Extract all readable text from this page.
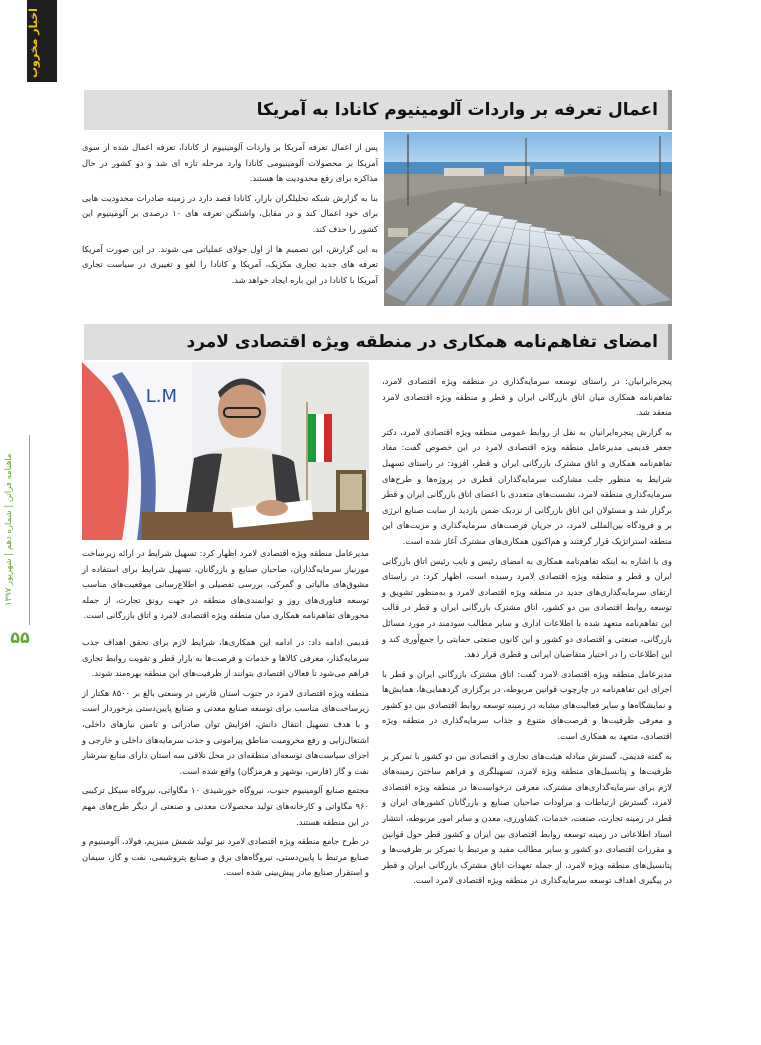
اخبار مخروب
ماهنامه فراتن | شماره دهم | شهریور ۱۳۹۷
۵۵
اعمال تعرفه بر واردات آلومینیوم کانادا به آمریکا

پس از اعمال تعرفه آمریکا بر واردات آلومینیوم از کانادا، تعرفه اعمال شده از سوی آمریکا بر محصولات آلومینیومی کانادا وارد مرحله تازه ای شد و دو کشور در حال مذاکره برای رفع محدودیت ها هستند.

بنا به گزارش شبکه تحلیلگران بازار، کانادا قصد دارد در زمینه صادرات محدودیت هایی برای خود اعمال کند و در مقابل، واشنگتن تعرفه های ۱۰ درصدی بر آلومینیوم این کشور را حذف کند.

به این گزارش، این تصمیم ها از اول جولای عملیاتی می شوند. در این صورت آمریکا تعرفه های جدید تجاری مکزیک، آمریکا و کانادا را لغو و تغییری در سیاست تجاری آمریکا با کانادا در این باره ایجاد خواهد شد.

امضای تفاهم‌نامه همکاری در منطقه ویژه اقتصادی لامرد
L.M

مدیرعامل منطقه ویژه اقتصادی لامرد اظهار کرد: تسهیل شرایط در ارائه زیرساخت مورنیاز سرمایه‌گذاران، صاحبان صنایع و بازرگانان، تسهیل شرایط برای استفاده از مشوق‌های مالیاتی و گمرکی، بررسی تفصیلی و اطلاع‌رسانی موقعیت‌های مناسب توسعه فناوری‌های روز و توانمندی‌های منطقه در جهت رونق تجارت، از جمله محورهای تفاهم‌نامه همکاری میان منطقه ویژه اقتصادی لامرد و اتاق بازرگانی است.

قدیمی ادامه داد: در ادامه این همکاری‌ها، شرایط لازم برای تحقق اهداف جذب سرمایه‌گذار، معرفی کالاها و خدمات و فرصت‌ها به بازار قطر و تقویت روابط تجاری فراهم می‌شود تا فعالان اقتصادی بتوانند از ظرفیت‌های این منطقه بهره‌مند شوند.

منطقه ویژه اقتصادی لامرد در جنوب استان فارس در وسعتی بالغ بر ۸۵۰۰ هکتار از زیرساخت‌های مناسب برای توسعه صنایع معدنی و صنایع پایین‌دستی برخوردار است و با هدف تسهیل انتقال دانش، افزایش توان صادراتی و تامین نیازهای داخلی، اشتغال‌زایی و رفع محرومیت مناطق پیرامونی و جذب سرمایه‌های داخلی و خارجی و اجرای سیاست‌های توسعه‌ای منطقه‌ای در محل تلاقی سه استان دارای منابع سرشار نفت و گاز (فارس، بوشهر و هرمزگان) واقع شده است.

مجتمع صنایع آلومینیوم جنوب، نیروگاه خورشیدی ۱۰ مگاواتی، نیروگاه سیکل ترکیبی ۹۶۰ مگاواتی و کارخانه‌های تولید محصولات معدنی و صنعتی از دیگر طرح‌های مهم در این منطقه هستند.

در طرح جامع منطقه ویژه اقتصادی لامرد نیز تولید شمش منیزیم، فولاد، آلومینیوم و صنایع مرتبط با پایین‌دستی، نیروگاه‌های برق و صنایع پتروشیمی، نفت و گاز، سیمان و استقرار صنایع مادر پیش‌بینی شده است.

پنجره‌ایرانیان: در راستای توسعه سرمایه‌گذاری در منطقه ویژه اقتصادی لامرد، تفاهم‌نامه همکاری میان اتاق بازرگانی ایران و قطر و منطقه ویژه اقتصادی لامرد منعقد شد.

به گزارش پنجره‌ایرانیان به نقل از روابط عمومی منطقه ویژه اقتصادی لامرد، دکتر جعفر قدیمی مدیرعامل منطقه ویژه اقتصادی لامرد در این خصوص گفت: مفاد تفاهم‌نامه همکاری و اتاق مشترک بازرگانی ایران و قطر، افزود: در راستای تسهیل شرایط به منظور جلب مشارکت سرمایه‌گذاران قطری در پروژه‌ها و طرح‌های سرمایه‌گذاری منطقه لامرد، نشست‌های متعددی با اعضای اتاق بازرگانی ایران و قطر برگزار شد و مسئولان این اتاق بازرگانی از نزدیک ضمن بازدید از سایت صنایع انرژی بر و فرودگاه بین‌المللی لامرد، در جریان فرصت‌های سرمایه‌گذاری و مزیت‌های این منطقه استراتژیک قرار گرفتند و هم‌اکنون همکاری‌های مشترک آغاز شده است.

وی با اشاره به اینکه تفاهم‌نامه همکاری به امضای رئیس و نایب رئیس اتاق بازرگانی ایران و قطر و منطقه ویژه اقتصادی لامرد رسیده است، اظهار کرد: در راستای ارتقای سرمایه‌گذاری‌های جدید در منطقه ویژه اقتصادی لامرد و به‌منظور تشویق و توسعه روابط اقتصادی بین دو کشور، اتاق مشترک بازرگانی ایران و قطر در قالب این تفاهم‌نامه متعهد شده با اطلاعات اداری و سایر مطالب سودمند در مورد مسائل بازرگانی، صنعتی و اقتصادی دو کشور و این کانون صنعتی حمایتی را جمع‌آوری کند و این اطلاعات را در اختیار متقاضیان ایرانی و قطری قرار دهد.

مدیرعامل منطقه ویژه اقتصادی لامرد گفت: اتاق مشترک بازرگانی ایران و قطر با اجرای این تفاهم‌نامه در چارچوب قوانین مربوطه، در برگزاری گردهمایی‌ها، همایش‌ها و نمایشگاه‌ها و سایر فعالیت‌های مشابه در زمینه توسعه روابط اقتصادی بین دو کشور و معرفی ظرفیت‌ها و فرصت‌های متنوع و جذاب سرمایه‌گذاری در منطقه ویژه اقتصادی، متعهد به همکاری است.

به گفته قدیمی، گسترش مبادله هیئت‌های تجاری و اقتصادی بین دو کشور با تمرکز بر ظرفیت‌ها و پتانسیل‌های منطقه ویژه لامرد، تسهیلگری و فراهم ساختن زمینه‌های لازم برای سرمایه‌گذاری‌های مشترک، معرفی درخواست‌ها در منطقه ویژه اقتصادی لامرد، گسترش ارتباطات و مراودات صاحبان صنایع و بازرگانان کشورهای ایران و قطر در زمینه تجارت، صنعت، خدمات، کشاورزی، معدن و سایر امور مربوطه، انتشار اسناد اطلاعاتی در زمینه توسعه روابط اقتصادی بین ایران و کشور قطر حول قوانین و مقررات اقتصادی دو کشور و سایر مطالب مفید و مرتبط با تمرکز بر ظرفیت‌ها و پتانسیل‌های منطقه ویژه لامرد، از جمله تعهدات اتاق مشترک بازرگانی ایران و قطر در پیگیری اهداف توسعه سرمایه‌گذاری در منطقه ویژه اقتصادی لامرد است.
